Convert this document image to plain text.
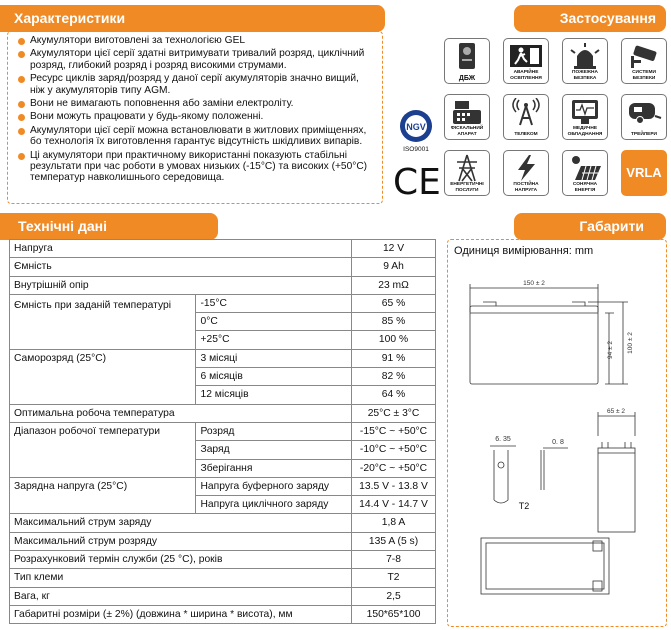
Характеристики	Застосування
Технічні дані	Габарити
Акумулятори виготовлені за технологією GEL
Акумулятори цієї серії здатні витримувати тривалий розряд, циклічний розряд, глибокий розряд і розряд високими струмами.
Ресурс циклів заряд/розряд у даної серії акумуляторів значно вищий, ніж у акумуляторів типу AGM.
Вони не вимагають поповнення або заміни електроліту.
Вони можуть працювати у будь-якому положенні.
Акумулятори цієї серії можна встановлювати в житлових приміщеннях, бо технологія їх виготовлення гарантує відсутність шкідливих випарів.
Ці акумулятори при практичному використанні показують стабільні результати при час роботи в умовах низьких (-15°C) та високих (+50°C) температур навколишнього середовища.
NGV
ISO9001
CE
ДБЖ
АВАРІЙНЕ ОСВІТЛЕННЯ
ПОЖЕЖНА БЕЗПЕКА
СИСТЕМИ БЕЗПЕКИ
ФІСКАЛЬНИЙ АПАРАТ	ТЕЛЕКОМ
МЕДИЧНЕ ОБЛАДНАННЯ	ТРЕЙЛЕРИ
ЕНЕРГЕТИЧНІ ПОСЛУГИ
ПОСТІЙНА НАПРУГА
СОНЯЧНА ЕНЕРГІЯ
VRLA
Напруга		12 V
Ємність		9 Ah
Внутрішній опір		23 mΩ
Ємність при заданій температурі	-15°C	65 %
	0°C	85 %
	+25°C	100 %
Саморозряд (25°C)	3 місяці	91 %
	6 місяців	82 %
	12 місяців	64 %
Оптимальна робоча температура		25°C ± 3°C
Діапазон робочої температури	Розряд	-15°C ~ +50°C
	Заряд	-10°C ~ +50°C
	Зберігання	-20°C ~ +50°C
Зарядна напруга (25°C)	Напруга буферного заряду	13.5 V - 13.8 V
	Напруга циклічного заряду	14.4 V - 14.7 V
Максимальний струм заряду		1,8 A
Максимальний струм розряду		135 A (5 s)
Розрахунковий термін служби (25 °C), років		7-8
Тип клеми		T2
Вага, кг		2,5
Габаритні розміри (± 2%) (довжина * ширина * висота), мм		150*65*100
Одиниця вимірювання: mm
150 ± 2
94 ± 2 100 ± 2
65 ± 2
6. 35	0. 8
T2
